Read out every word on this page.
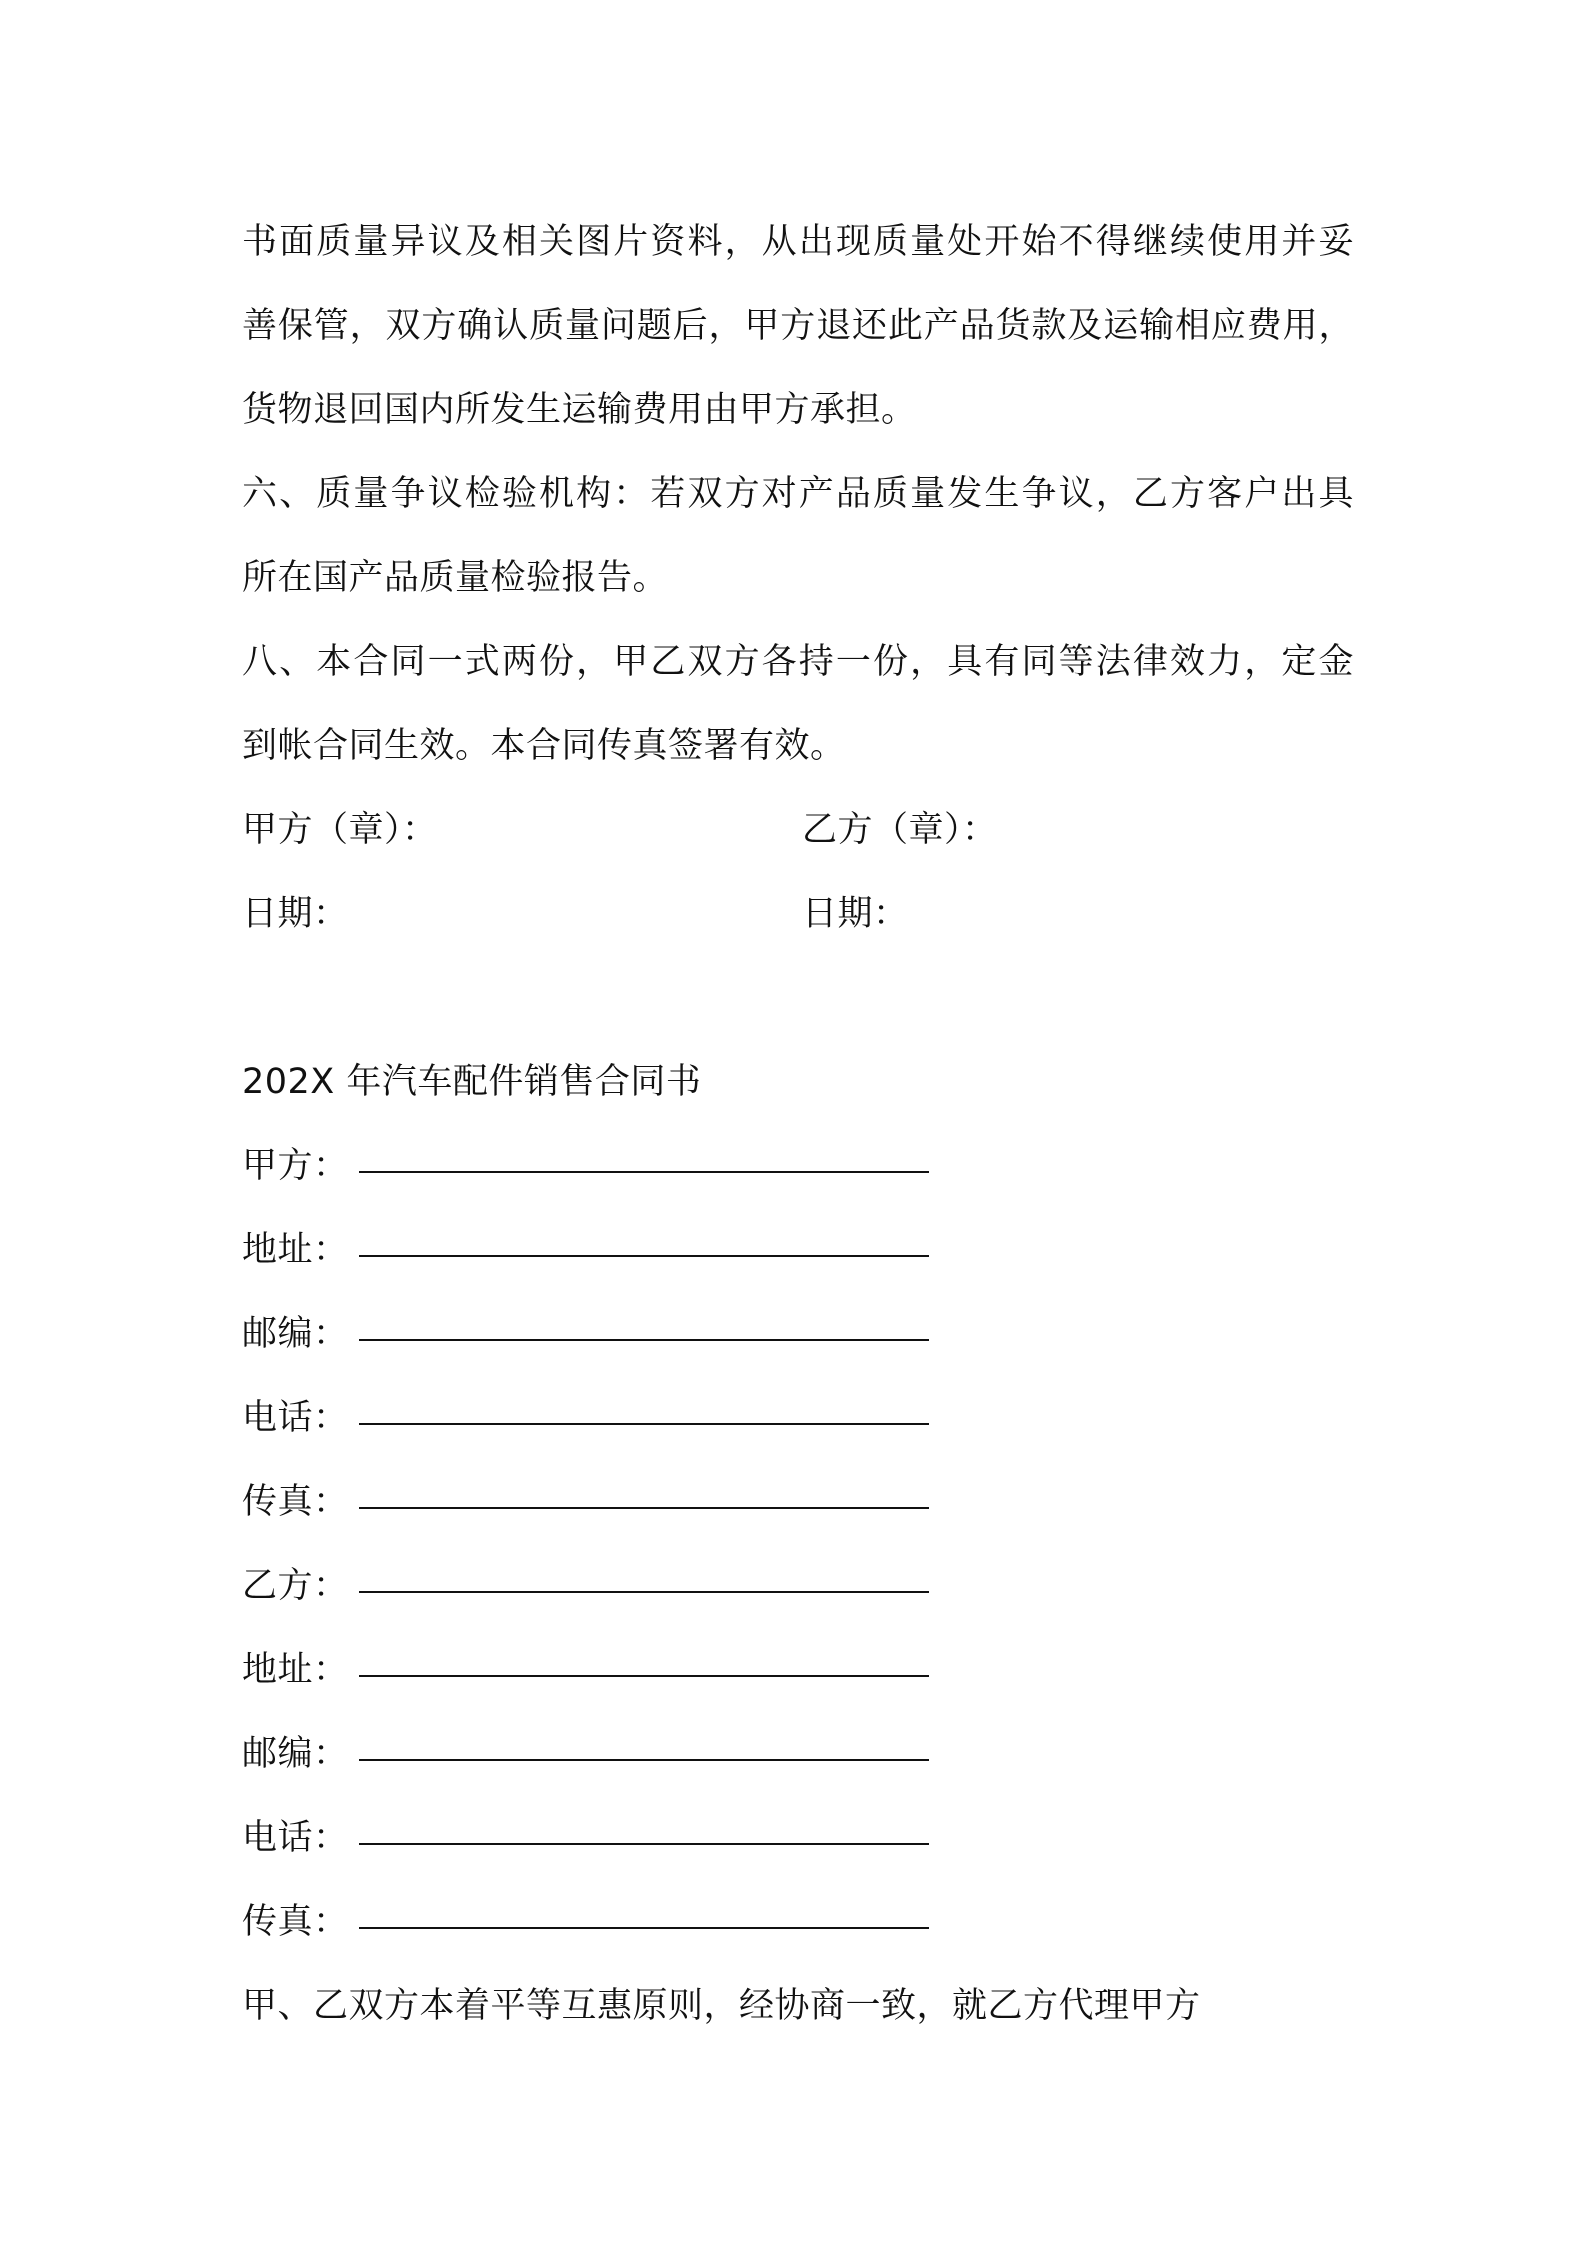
书面质量异议及相关图片资料，从出现质量处开始不得继续使用并妥
善保管，双方确认质量问题后，甲方退还此产品货款及运输相应费用，
货物退回国内所发生运输费用由甲方承担。
六、质量争议检验机构：若双方对产品质量发生争议，乙方客户出具
所在国产品质量检验报告。
八、本合同一式两份，甲乙双方各持一份，具有同等法律效力，定金
到帐合同生效。本合同传真签署有效。
甲方（章）：	乙方（章）：
日期：	日期：
202X 年汽车配件销售合同书
甲方：
地址：
邮编：
电话：
传真：
乙方：
地址：
邮编：
电话：
传真：
甲、乙双方本着平等互惠原则，经协商一致，就乙方代理甲方
